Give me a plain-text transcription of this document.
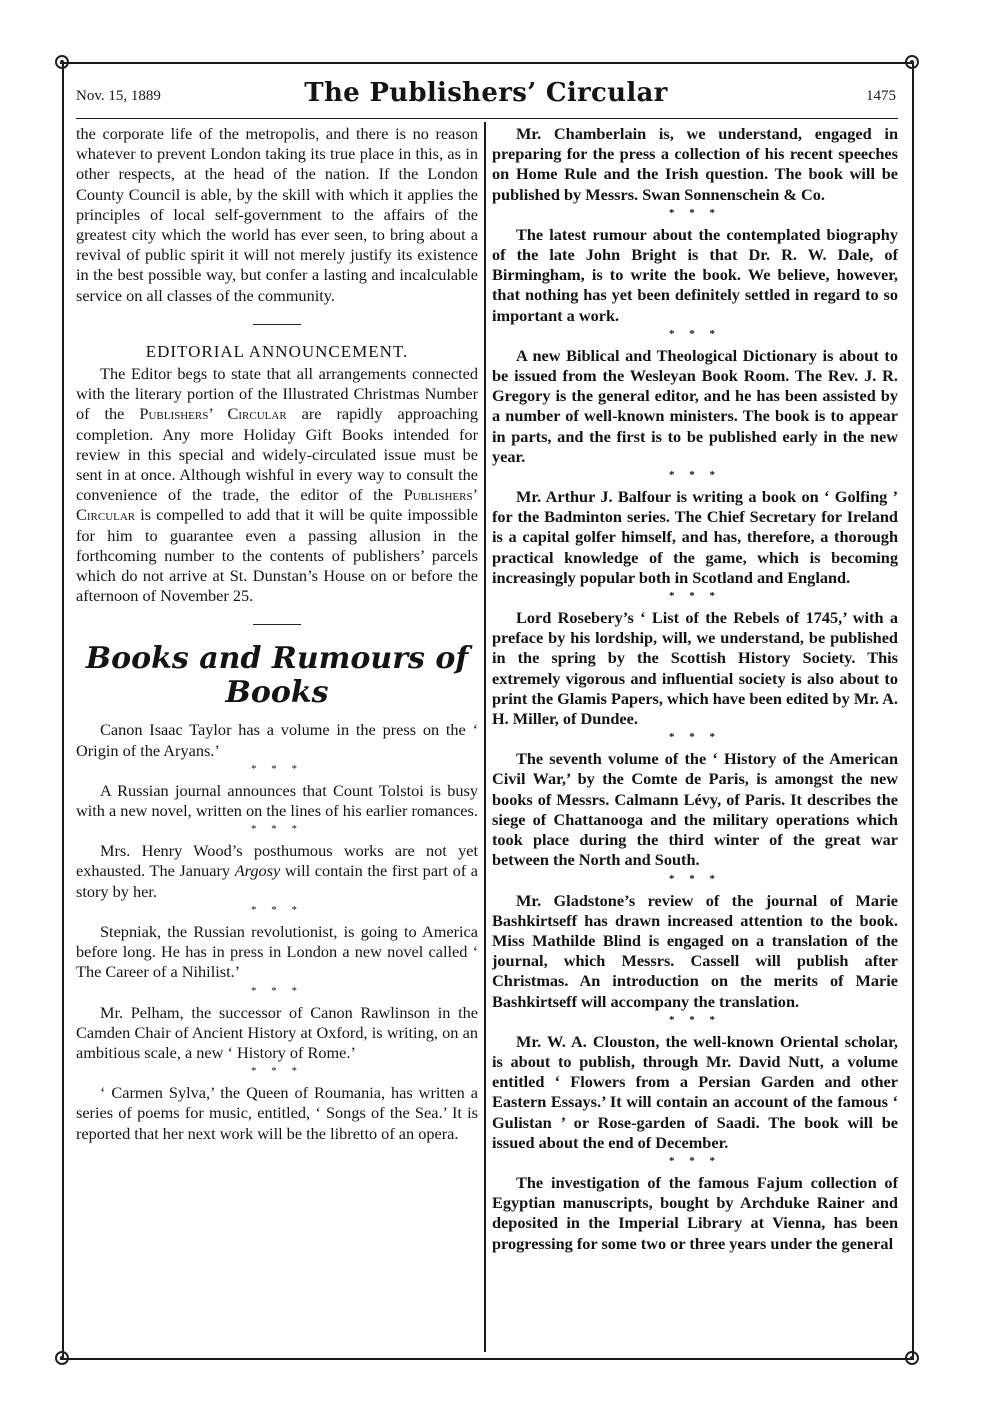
Nov. 15, 1889	The Publishers’ Circular	1475

the corporate life of the metropolis, and there is no reason whatever to prevent London taking its true place in this, as in other respects, at the head of the nation. If the London County Council is able, by the skill with which it applies the principles of local self-government to the affairs of the greatest city which the world has ever seen, to bring about a revival of public spirit it will not merely justify its existence in the best possible way, but confer a lasting and incalculable service on all classes of the community.

EDITORIAL ANNOUNCEMENT.

The Editor begs to state that all arrangements connected with the literary portion of the Illustrated Christmas Number of the Publishers’ Circular are rapidly approaching completion. Any more Holiday Gift Books intended for review in this special and widely-circulated issue must be sent in at once. Although wishful in every way to consult the convenience of the trade, the editor of the Publishers’ Circular is compelled to add that it will be quite impossible for him to guarantee even a passing allusion in the forthcoming number to the contents of publishers’ parcels which do not arrive at St. Dunstan’s House on or before the afternoon of November 25.

Books and Rumours of Books

Canon Isaac Taylor has a volume in the press on the ‘ Origin of the Aryans.’

* * *

A Russian journal announces that Count Tolstoi is busy with a new novel, written on the lines of his earlier romances.

* * *

Mrs. Henry Wood’s posthumous works are not yet exhausted. The January Argosy will contain the first part of a story by her.

* * *

Stepniak, the Russian revolutionist, is going to America before long. He has in press in London a new novel called ‘ The Career of a Nihilist.’

* * *

Mr. Pelham, the successor of Canon Rawlinson in the Camden Chair of Ancient History at Oxford, is writing, on an ambitious scale, a new ‘ History of Rome.’

* * *

‘ Carmen Sylva,’ the Queen of Roumania, has written a series of poems for music, entitled, ‘ Songs of the Sea.’ It is reported that her next work will be the libretto of an opera.

Mr. Chamberlain is, we understand, engaged in preparing for the press a collection of his recent speeches on Home Rule and the Irish question. The book will be published by Messrs. Swan Sonnenschein & Co.

* * *

The latest rumour about the contemplated biography of the late John Bright is that Dr. R. W. Dale, of Birmingham, is to write the book. We believe, however, that nothing has yet been definitely settled in regard to so important a work.

* * *

A new Biblical and Theological Dictionary is about to be issued from the Wesleyan Book Room. The Rev. J. R. Gregory is the general editor, and he has been assisted by a number of well-known ministers. The book is to appear in parts, and the first is to be published early in the new year.

* * *

Mr. Arthur J. Balfour is writing a book on ‘ Golfing ’ for the Badminton series. The Chief Secretary for Ireland is a capital golfer himself, and has, therefore, a thorough practical knowledge of the game, which is becoming increasingly popular both in Scotland and England.

* * *

Lord Rosebery’s ‘ List of the Rebels of 1745,’ with a preface by his lordship, will, we understand, be published in the spring by the Scottish History Society. This extremely vigorous and influential society is also about to print the Glamis Papers, which have been edited by Mr. A. H. Miller, of Dundee.

* * *

The seventh volume of the ‘ History of the American Civil War,’ by the Comte de Paris, is amongst the new books of Messrs. Calmann Lévy, of Paris. It describes the siege of Chattanooga and the military operations which took place during the third winter of the great war between the North and South.

* * *

Mr. Gladstone’s review of the journal of Marie Bashkirtseff has drawn increased attention to the book. Miss Mathilde Blind is engaged on a translation of the journal, which Messrs. Cassell will publish after Christmas. An introduction on the merits of Marie Bashkirtseff will accompany the translation.

* * *

Mr. W. A. Clouston, the well-known Oriental scholar, is about to publish, through Mr. David Nutt, a volume entitled ‘ Flowers from a Persian Garden and other Eastern Essays.’ It will contain an account of the famous ‘ Gulistan ’ or Rose-garden of Saadi. The book will be issued about the end of December.

* * *

The investigation of the famous Fajum collection of Egyptian manuscripts, bought by Archduke Rainer and deposited in the Imperial Library at Vienna, has been progressing for some two or three years under the general
